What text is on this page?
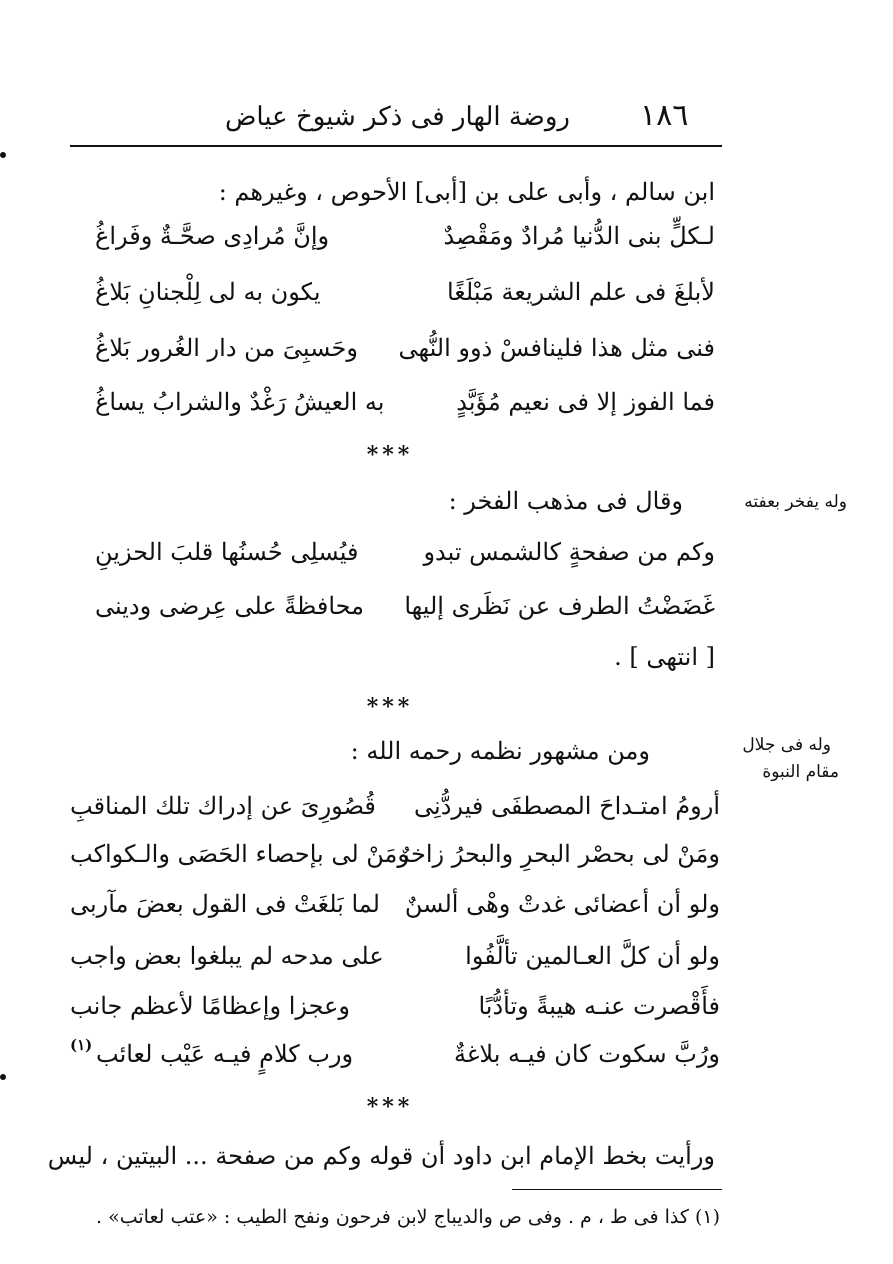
١٨٦
روضة الهار فى ذكر شيوخ عياض
ابن سالم ، وأبى على بن [أبى] الأحوص ، وغيرهم :
لـكلٍّ بنى الدُّنيا مُرادٌ ومَقْصِدٌ
وإنَّ مُرادِى صحَّـةٌ وفَراغُ
لأبلغَ فى علم الشريعة مَبْلَغًا
يكون به لى لِلْجنانِ بَلاغُ
فنى مثل هذا فلينافسْ ذوو النُّهى
وحَسبِىَ من دار الغُرور بَلاغُ
فما الفوز إلا فى نعيم مُؤَبَّدٍ
به العيشُ رَغْدٌ والشرابُ يساغُ
***
وله يفخر بعفته
وقال فى مذهب الفخر :
وكم من صفحةٍ كالشمس تبدو
فيُسلِى حُسنُها قلبَ الحزينِ
غَضَضْتُ الطرف عن نَظَرى إليها
محافظةً على عِرضى ودينى
[ انتهى ] .
***
وله فى جلال
مقام النبوة
ومن مشهور نظمه رحمه الله :
أرومُ امتـداحَ المصطفَى فيردُّنِى
قُصُورِىَ عن إدراك تلك المناقبِ
ومَنْ لى بحصْر البحرِ والبحرُ زاخرٌ
ومَنْ لى بإحصاء الحَصَى والـكواكب
ولو أن أعضائى غدتْ وهْى ألسنٌ
لما بَلغَتْ فى القول بعضَ مآربى
ولو أن كلَّ العـالمين تألَّفُوا
على مدحه لم يبلغوا بعض واجب
فأَقْصرت عنـه هيبةً وتأدُّبًا
وعجزا وإعظامًا لأعظم جانب
ورُبَّ سكوت كان فيـه بلاغةٌ
ورب كلامٍ فيـه عَيْب لعائب
(١)
***
ورأيت بخط الإمام ابن داود أن قوله وكم من صفحة ... البيتين ، ليس
(١) كذا فى ط ، م . وفى ص والديباج لابن فرحون ونفح الطيب : «عتب لعاتب» .
